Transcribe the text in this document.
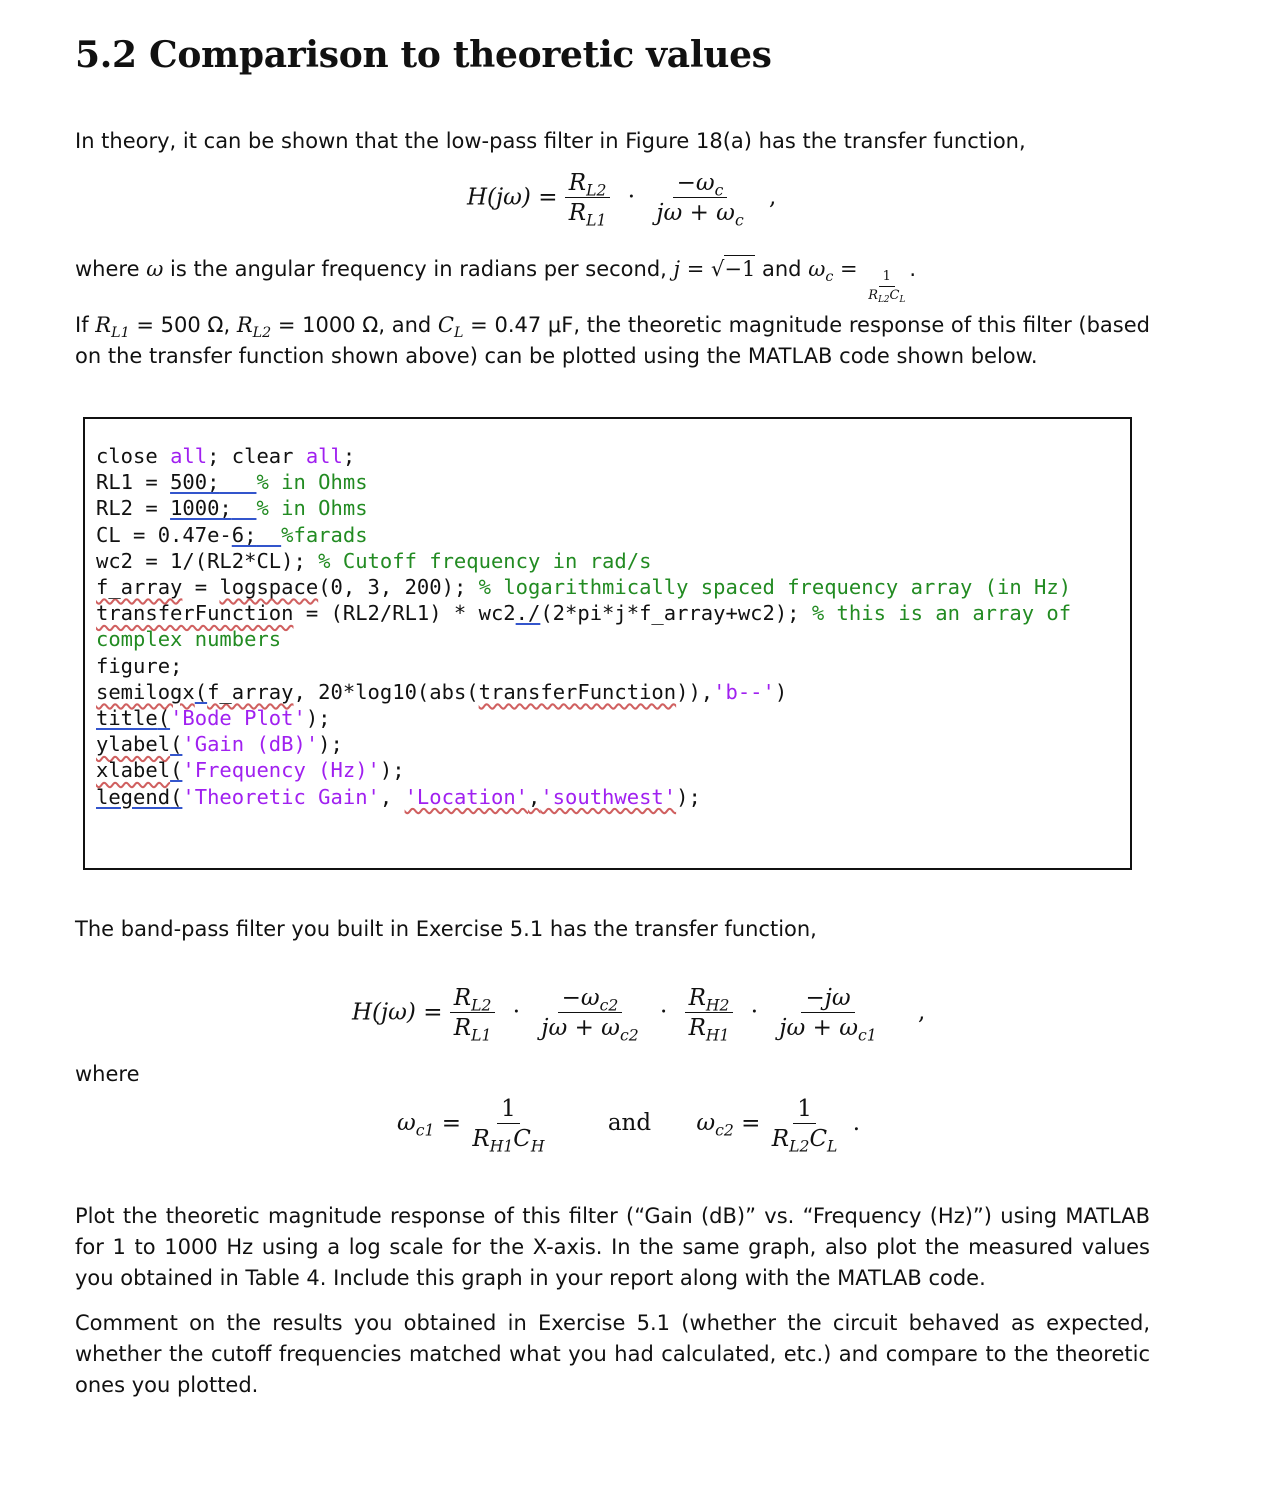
5.2 Comparison to theoretic values

In theory, it can be shown that the low-pass filter in Figure 18(a) has the transfer function,

$H(j\omega) = \frac{R_{L2}}{R_{L1}} \cdot \frac{-\omega_c}{j\omega + \omega_c}$ ,
where ω is the angular frequency in radians per second, j = √−1 and $\omega_c$ =
$\frac{1}{R_{L2}C_L}$
.

If $R_{L1} = 500$ Ω, $R_{L2} = 1000$ Ω, and $C_L = 0.47$ μF, the theoretic magnitude response of this filter (based on the transfer function shown above) can be plotted using the MATLAB code shown below.

close all; clear all;
RL1 = 500; % in Ohms
RL2 = 1000; % in Ohms
CL = 0.47e-6; %farads
wc2 = 1/(RL2*CL); % Cutoff frequency in rad/s
f_array = logspace(0, 3, 200); % logarithmically spaced frequency array (in Hz)
transferFunction = (RL2/RL1) * wc2./(2*pi*j*f_array+wc2); % this is an array of complex numbers
figure;
semilogx(f_array, 20*log10(abs(transferFunction)),'b--')
title('Bode Plot');
ylabel('Gain (dB)');
xlabel('Frequency (Hz)');
legend('Theoretic Gain', 'Location','southwest');

The band-pass filter you built in Exercise 5.1 has the transfer function,

$H(j\omega) = \frac{R_{L2}}{R_{L1}} \cdot \frac{-\omega_{c2}}{j\omega + \omega_{c2}} \cdot \frac{R_{H2}}{R_{H1}} \cdot \frac{-j\omega}{j\omega + \omega_{c1}}$ ,
where
$\omega_{c1} = \frac{1}{R_{H1}C_H}$	and $\omega_{c2} = \frac{1}{R_{L2}C_L}$ .

Plot the theoretic magnitude response of this filter (“Gain (dB)” vs. “Frequency (Hz)”) using MATLAB for 1 to 1000 Hz using a log scale for the X-axis. In the same graph, also plot the measured values you obtained in Table 4. Include this graph in your report along with the MATLAB code.

Comment on the results you obtained in Exercise 5.1 (whether the circuit behaved as expected, whether the cutoff frequencies matched what you had calculated, etc.) and compare to the theoretic ones you plotted.
